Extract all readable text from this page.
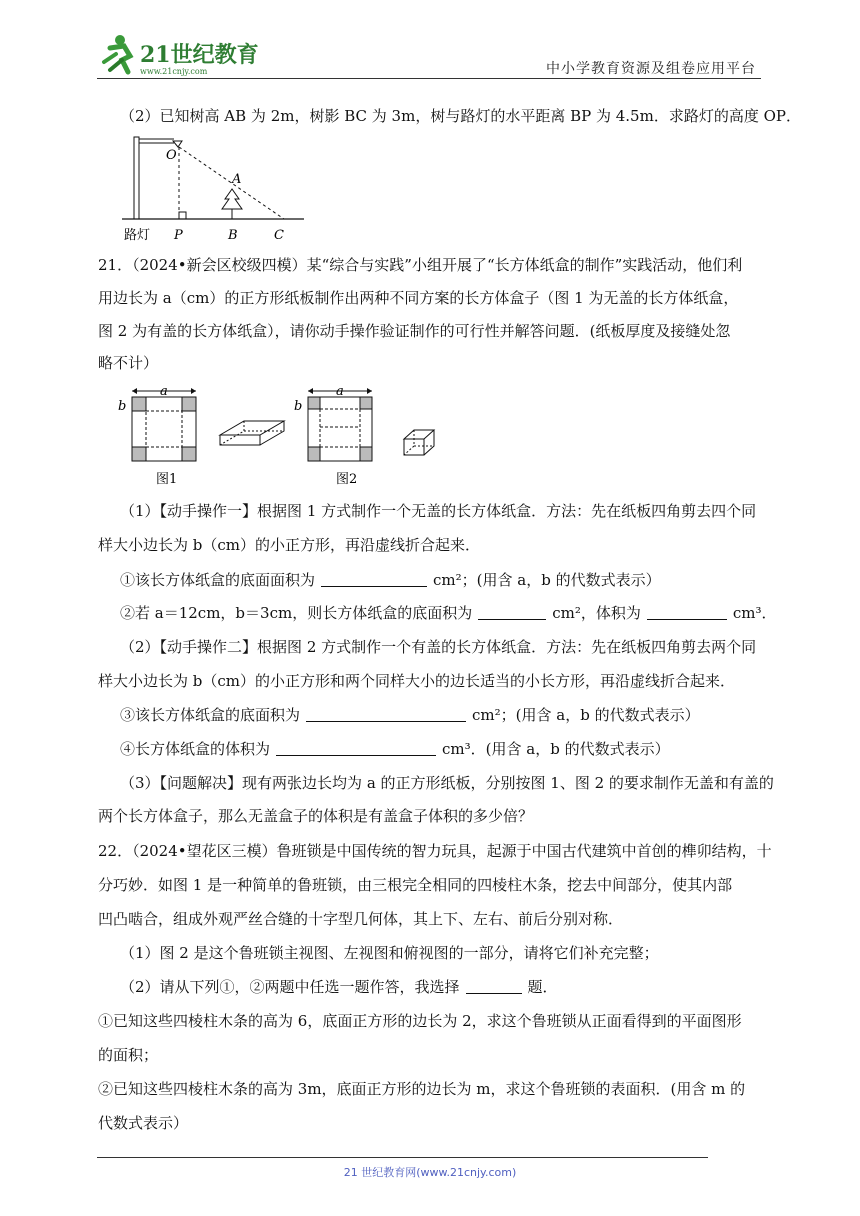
21世纪教育
www.21cnjy.com	中小学教育资源及组卷应用平台
（2）已知树高 AB 为 2m，树影 BC 为 3m，树与路灯的水平距离 BP 为 4.5m．求路灯的高度 OP．
O
A
路灯 P	B	C
21．（2024•新会区校级四模）某“综合与实践”小组开展了“长方体纸盒的制作”实践活动，他们利
用边长为 a（cm）的正方形纸板制作出两种不同方案的长方体盒子（图 1 为无盖的长方体纸盒，
图 2 为有盖的长方体纸盒），请你动手操作验证制作的可行性并解答问题．(纸板厚度及接缝处忽
略不计）
a
b
图1
a
b
图2
（1）【动手操作一】根据图 1 方式制作一个无盖的长方体纸盒．方法：先在纸板四角剪去四个同
样大小边长为 b（cm）的小正方形，再沿虚线折合起来．
①该长方体纸盒的底面面积为	cm²；(用含 a，b 的代数式表示）
②若 a＝12cm，b＝3cm，则长方体纸盒的底面积为	cm²，体积为	cm³．
（2）【动手操作二】根据图 2 方式制作一个有盖的长方体纸盒．方法：先在纸板四角剪去两个同
样大小边长为 b（cm）的小正方形和两个同样大小的边长适当的小长方形，再沿虚线折合起来．
③该长方体纸盒的底面积为	cm²；(用含 a，b 的代数式表示）
④长方体纸盒的体积为	cm³．(用含 a，b 的代数式表示）
（3）【问题解决】现有两张边长均为 a 的正方形纸板，分别按图 1、图 2 的要求制作无盖和有盖的
两个长方体盒子，那么无盖盒子的体积是有盖盒子体积的多少倍？
22．（2024•望花区三模）鲁班锁是中国传统的智力玩具，起源于中国古代建筑中首创的榫卯结构，十
分巧妙．如图 1 是一种简单的鲁班锁，由三根完全相同的四棱柱木条，挖去中间部分，使其内部
凹凸啮合，组成外观严丝合缝的十字型几何体，其上下、左右、前后分别对称．
（1）图 2 是这个鲁班锁主视图、左视图和俯视图的一部分，请将它们补充完整；
（2）请从下列①，②两题中任选一题作答，我选择	题．
①已知这些四棱柱木条的高为 6，底面正方形的边长为 2，求这个鲁班锁从正面看得到的平面图形
的面积；
②已知这些四棱柱木条的高为 3m，底面正方形的边长为 m，求这个鲁班锁的表面积．(用含 m 的
代数式表示）
21 世纪教育网(www.21cnjy.com)
